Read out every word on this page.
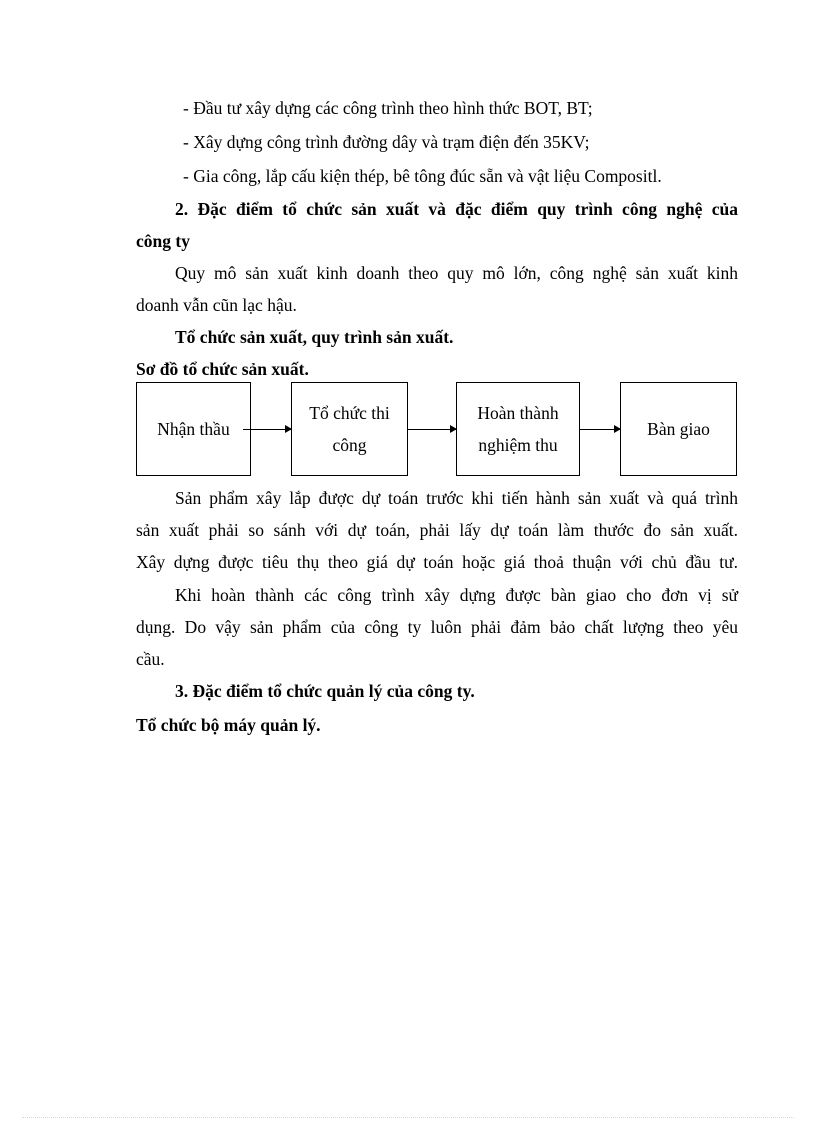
- Đầu tư xây dựng các công trình theo hình thức BOT, BT;
- Xây dựng công trình đường dây và trạm điện đến 35KV;
- Gia công, lắp cấu kiện thép, bê tông đúc sẵn và vật liệu Compositl.
2. Đặc điểm tổ chức sản xuất và đặc điểm quy trình công nghệ của
công ty
Quy mô sản xuất kinh doanh theo quy mô lớn, công nghệ sản xuất kinh
doanh vẫn cũn lạc hậu.
Tổ chức sản xuất, quy trình sản xuất.
Sơ đồ tổ chức sản xuất.
Nhận thầu
Tổ chức thi
công
Hoàn thành
nghiệm thu
Bàn giao
Sản phẩm xây lắp được dự toán trước khi tiến hành sản xuất và quá trình
sản xuất phải so sánh với dự toán, phải lấy dự toán làm thước đo sản xuất.
Xây dựng được tiêu thụ theo giá dự toán hoặc giá thoả thuận với chủ đầu tư.
Khi hoàn thành các công trình xây dựng được bàn giao cho đơn vị sử
dụng. Do vậy sản phẩm của công ty luôn phải đảm bảo chất lượng theo yêu
cầu.
3. Đặc điểm tổ chức quản lý của công ty.
Tổ chức bộ máy quản lý.
